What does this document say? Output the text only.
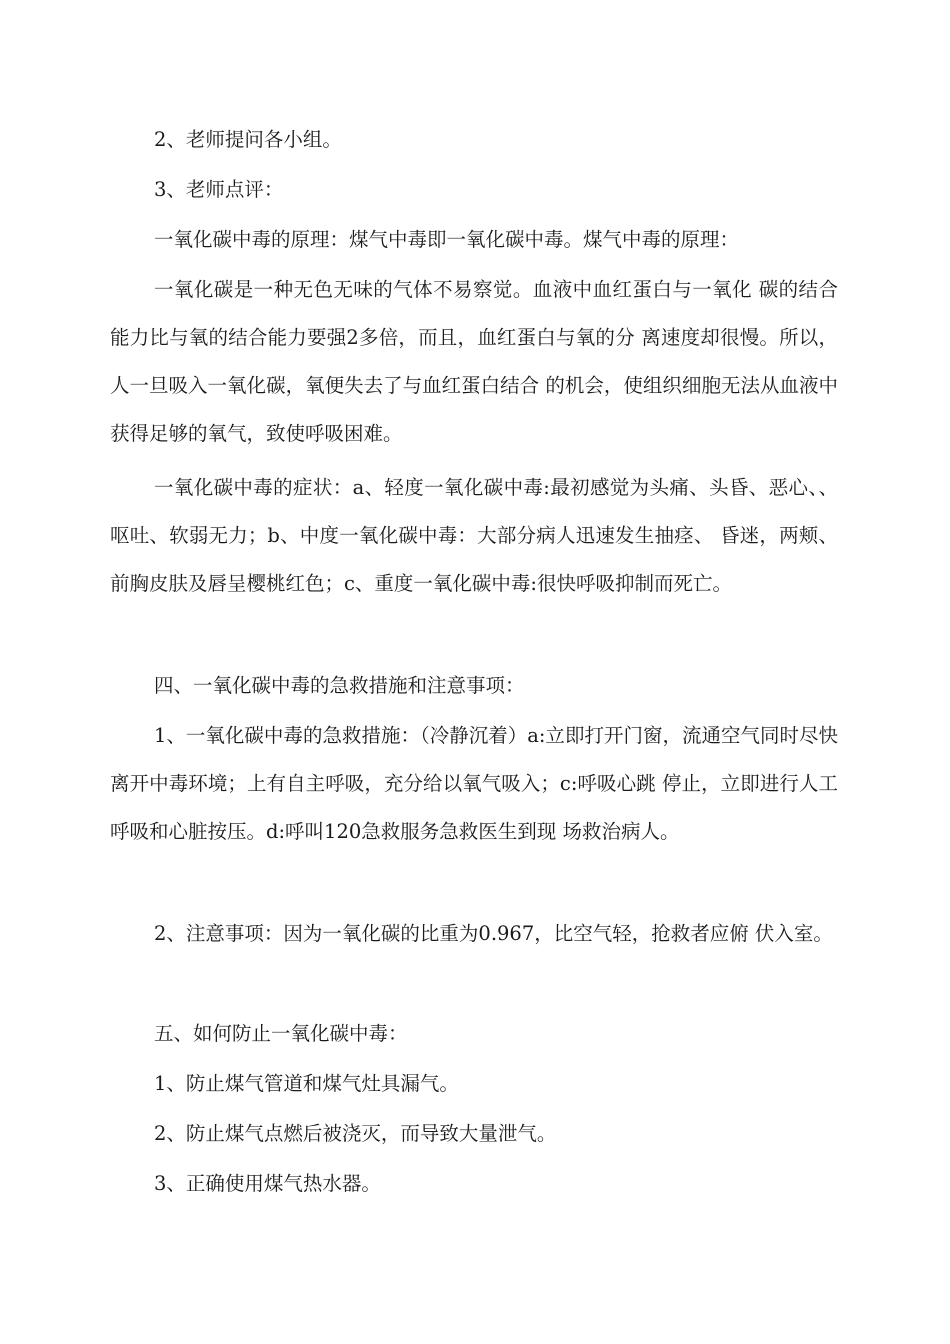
2、老师提问各小组。

3、老师点评：

一氧化碳中毒的原理：煤气中毒即一氧化碳中毒。煤气中毒的原理：

一氧化碳是一种无色无味的气体不易察觉。血液中血红蛋白与一氧化 碳的结合能力比与氧的结合能力要强2多倍，而且，血红蛋白与氧的分 离速度却很慢。所以，人一旦吸入一氧化碳，氧便失去了与血红蛋白结合 的机会，使组织细胞无法从血液中获得足够的氧气，致使呼吸困难。

一氧化碳中毒的症状：a、轻度一氧化碳中毒:最初感觉为头痛、头昏、恶心、、呕吐、软弱无力；b、中度一氧化碳中毒：大部分病人迅速发生抽痉、 昏迷，两颊、前胸皮肤及唇呈樱桃红色；c、重度一氧化碳中毒:很快呼吸抑制而死亡。

四、一氧化碳中毒的急救措施和注意事项：

1、一氧化碳中毒的急救措施：（冷静沉着）a:立即打开门窗，流通空气同时尽快离开中毒环境；上有自主呼吸，充分给以氧气吸入；c:呼吸心跳 停止，立即进行人工呼吸和心脏按压。d:呼叫120急救服务急救医生到现 场救治病人。

2、注意事项：因为一氧化碳的比重为0.967，比空气轻，抢救者应俯 伏入室。

五、如何防止一氧化碳中毒：

1、防止煤气管道和煤气灶具漏气。

2、防止煤气点燃后被浇灭，而导致大量泄气。

3、正确使用煤气热水器。
